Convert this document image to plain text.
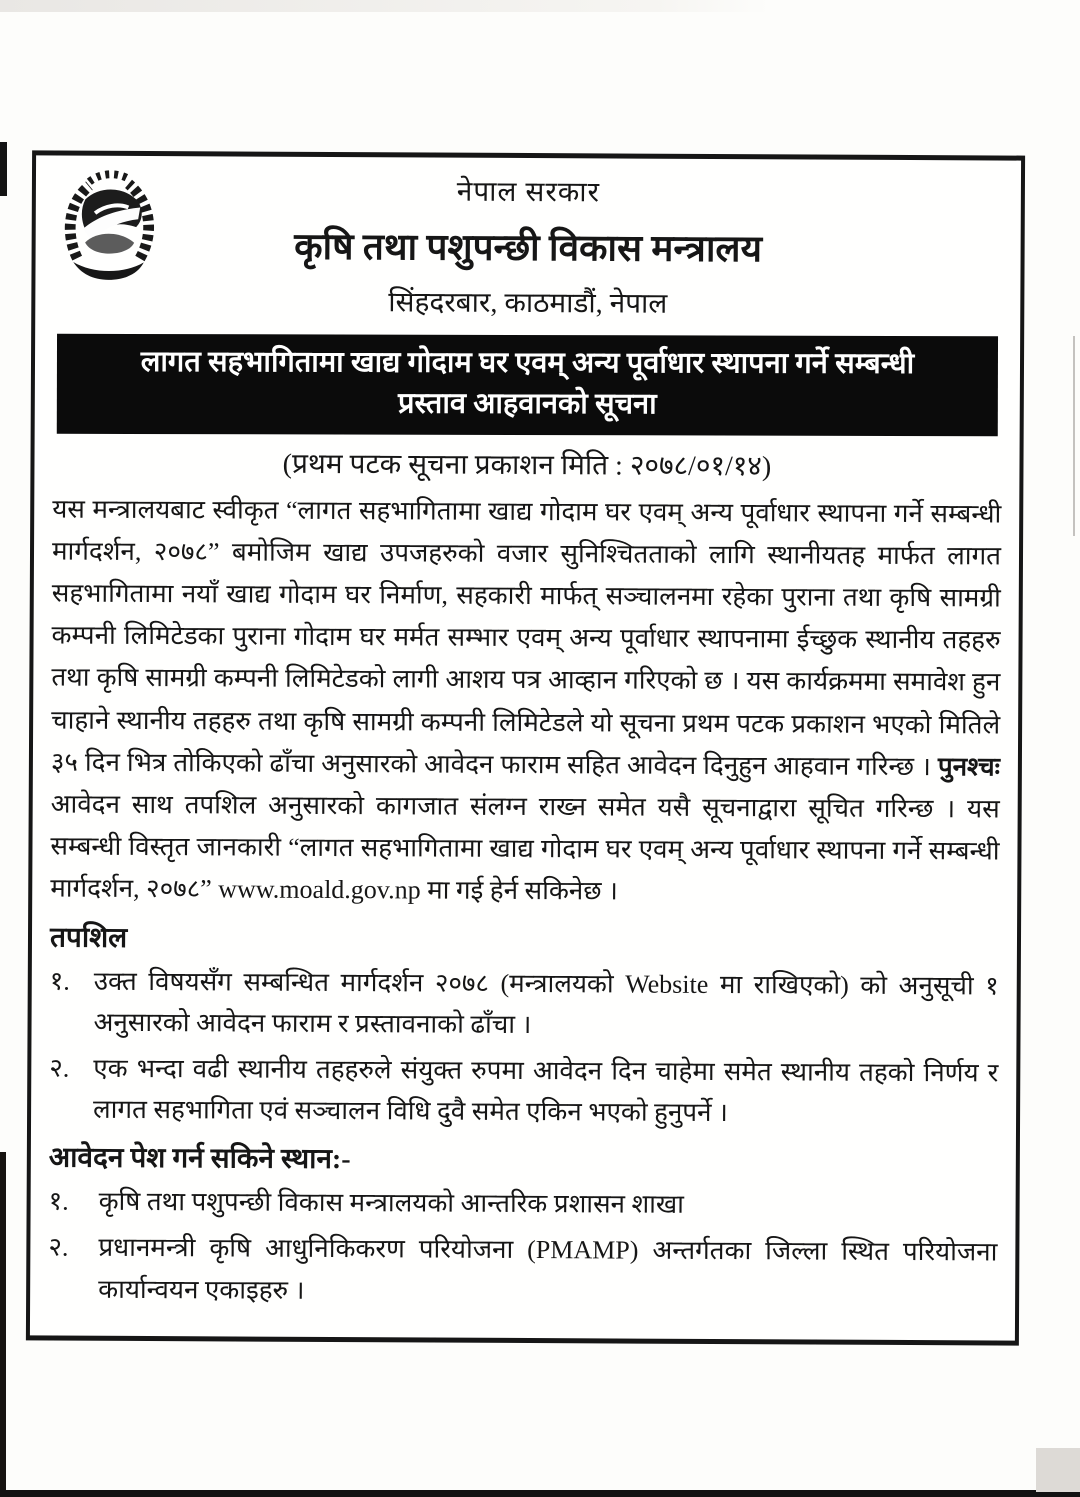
नेपाल सरकार
कृषि तथा पशुपन्छी विकास मन्त्रालय
सिंहदरबार, काठमाडौं, नेपाल
लागत सहभागितामा खाद्य गोदाम घर एवम् अन्य पूर्वाधार स्थापना गर्ने सम्बन्धी
प्रस्ताव आहवानको सूचना
(प्रथम पटक सूचना प्रकाशन मिति : २०७८/०१/१४)

यस मन्त्रालयबाट स्वीकृत “लागत सहभागितामा खाद्य गोदाम घर एवम् अन्य पूर्वाधार स्थापना गर्ने सम्बन्धी मार्गदर्शन, २०७८” बमोजिम खाद्य उपजहरुको वजार सुनिश्चितताको लागि स्थानीयतह मार्फत लागत सहभागितामा नयाँ खाद्य गोदाम घर निर्माण, सहकारी मार्फत् सञ्चालनमा रहेका पुराना तथा कृषि सामग्री कम्पनी लिमिटेडका पुराना गोदाम घर मर्मत सम्भार एवम् अन्य पूर्वाधार स्थापनामा ईच्छुक स्थानीय तहहरु तथा कृषि सामग्री कम्पनी लिमिटेडको लागी आशय पत्र आव्हान गरिएको छ । यस कार्यक्रममा समावेश हुन चाहाने स्थानीय तहहरु तथा कृषि सामग्री कम्पनी लिमिटेडले यो सूचना प्रथम पटक प्रकाशन भएको मितिले ३५ दिन भित्र तोकिएको ढाँचा अनुसारको आवेदन फाराम सहित आवेदन दिनुहुन आहवान गरिन्छ । पुनश्चः आवेदन साथ तपशिल अनुसारको कागजात संलग्न राख्न समेत यसै सूचनाद्वारा सूचित गरिन्छ । यस सम्बन्धी विस्तृत जानकारी “लागत सहभागितामा खाद्य गोदाम घर एवम् अन्य पूर्वाधार स्थापना गर्ने सम्बन्धी मार्गदर्शन, २०७८” www.moald.gov.np मा गई हेर्न सकिनेछ ।

तपशिल
१. उक्त विषयसँग सम्बन्धित मार्गदर्शन २०७८ (मन्त्रालयको Website मा राखिएको) को अनुसूची १ अनुसारको आवेदन फाराम र प्रस्तावनाको ढाँचा ।
२. एक भन्दा वढी स्थानीय तहहरुले संयुक्त रुपमा आवेदन दिन चाहेमा समेत स्थानीय तहको निर्णय र लागत सहभागिता एवं सञ्चालन विधि दुवै समेत एकिन भएको हुनुपर्ने ।
आवेदन पेश गर्न सकिने स्थान:-
१.	कृषि तथा पशुपन्छी विकास मन्त्रालयको आन्तरिक प्रशासन शाखा
२.	प्रधानमन्त्री कृषि आधुनिकिकरण परियोजना (PMAMP) अन्तर्गतका जिल्ला स्थित परियोजना कार्यान्वयन एकाइहरु ।
